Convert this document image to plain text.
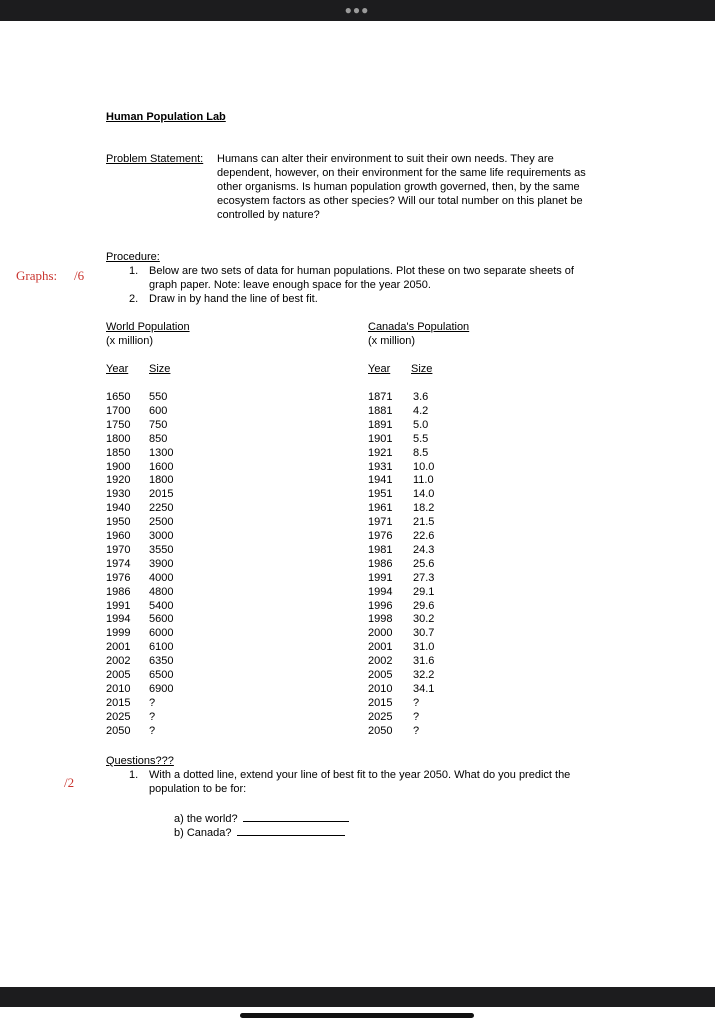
●●●
Human Population Lab
Problem Statement: Humans can alter their environment to suit their own needs. They are
dependent, however, on their environment for the same life requirements as
other organisms. Is human population growth governed, then, by the same
ecosystem factors as other species? Will our total number on this planet be
controlled by nature?
Graphs: /6
Procedure:
1. Below are two sets of data for human populations. Plot these on two separate sheets of
graph paper. Note: leave enough space for the year 2050.
2. Draw in by hand the line of best fit.
World Population
(x million)
Year Size
Canada's Population
(x million)
Year Size
1650 550
1700 600
1750 750
1800 850
1850 1300
1900 1600
1920 1800
1930 2015
1940 2250
1950 2500
1960 3000
1970 3550
1974 3900
1976 4000
1986 4800
1991 5400
1994 5600
1999 6000
2001 6100
2002 6350
2005 6500
2010 6900
2015 ?
2025 ?
2050 ?
1871 3.6
1881 4.2
1891 5.0
1901 5.5
1921 8.5
1931 10.0
1941 11.0
1951 14.0
1961 18.2
1971 21.5
1976 22.6
1981 24.3
1986 25.6
1991 27.3
1994 29.1
1996 29.6
1998 30.2
2000 30.7
2001 31.0
2002 31.6
2005 32.2
2010 34.1
2015 ?
2025 ?
2050 ?
/2
Questions???
1. With a dotted line, extend your line of best fit to the year 2050. What do you predict the
population to be for:
a) the world?
b) Canada?
